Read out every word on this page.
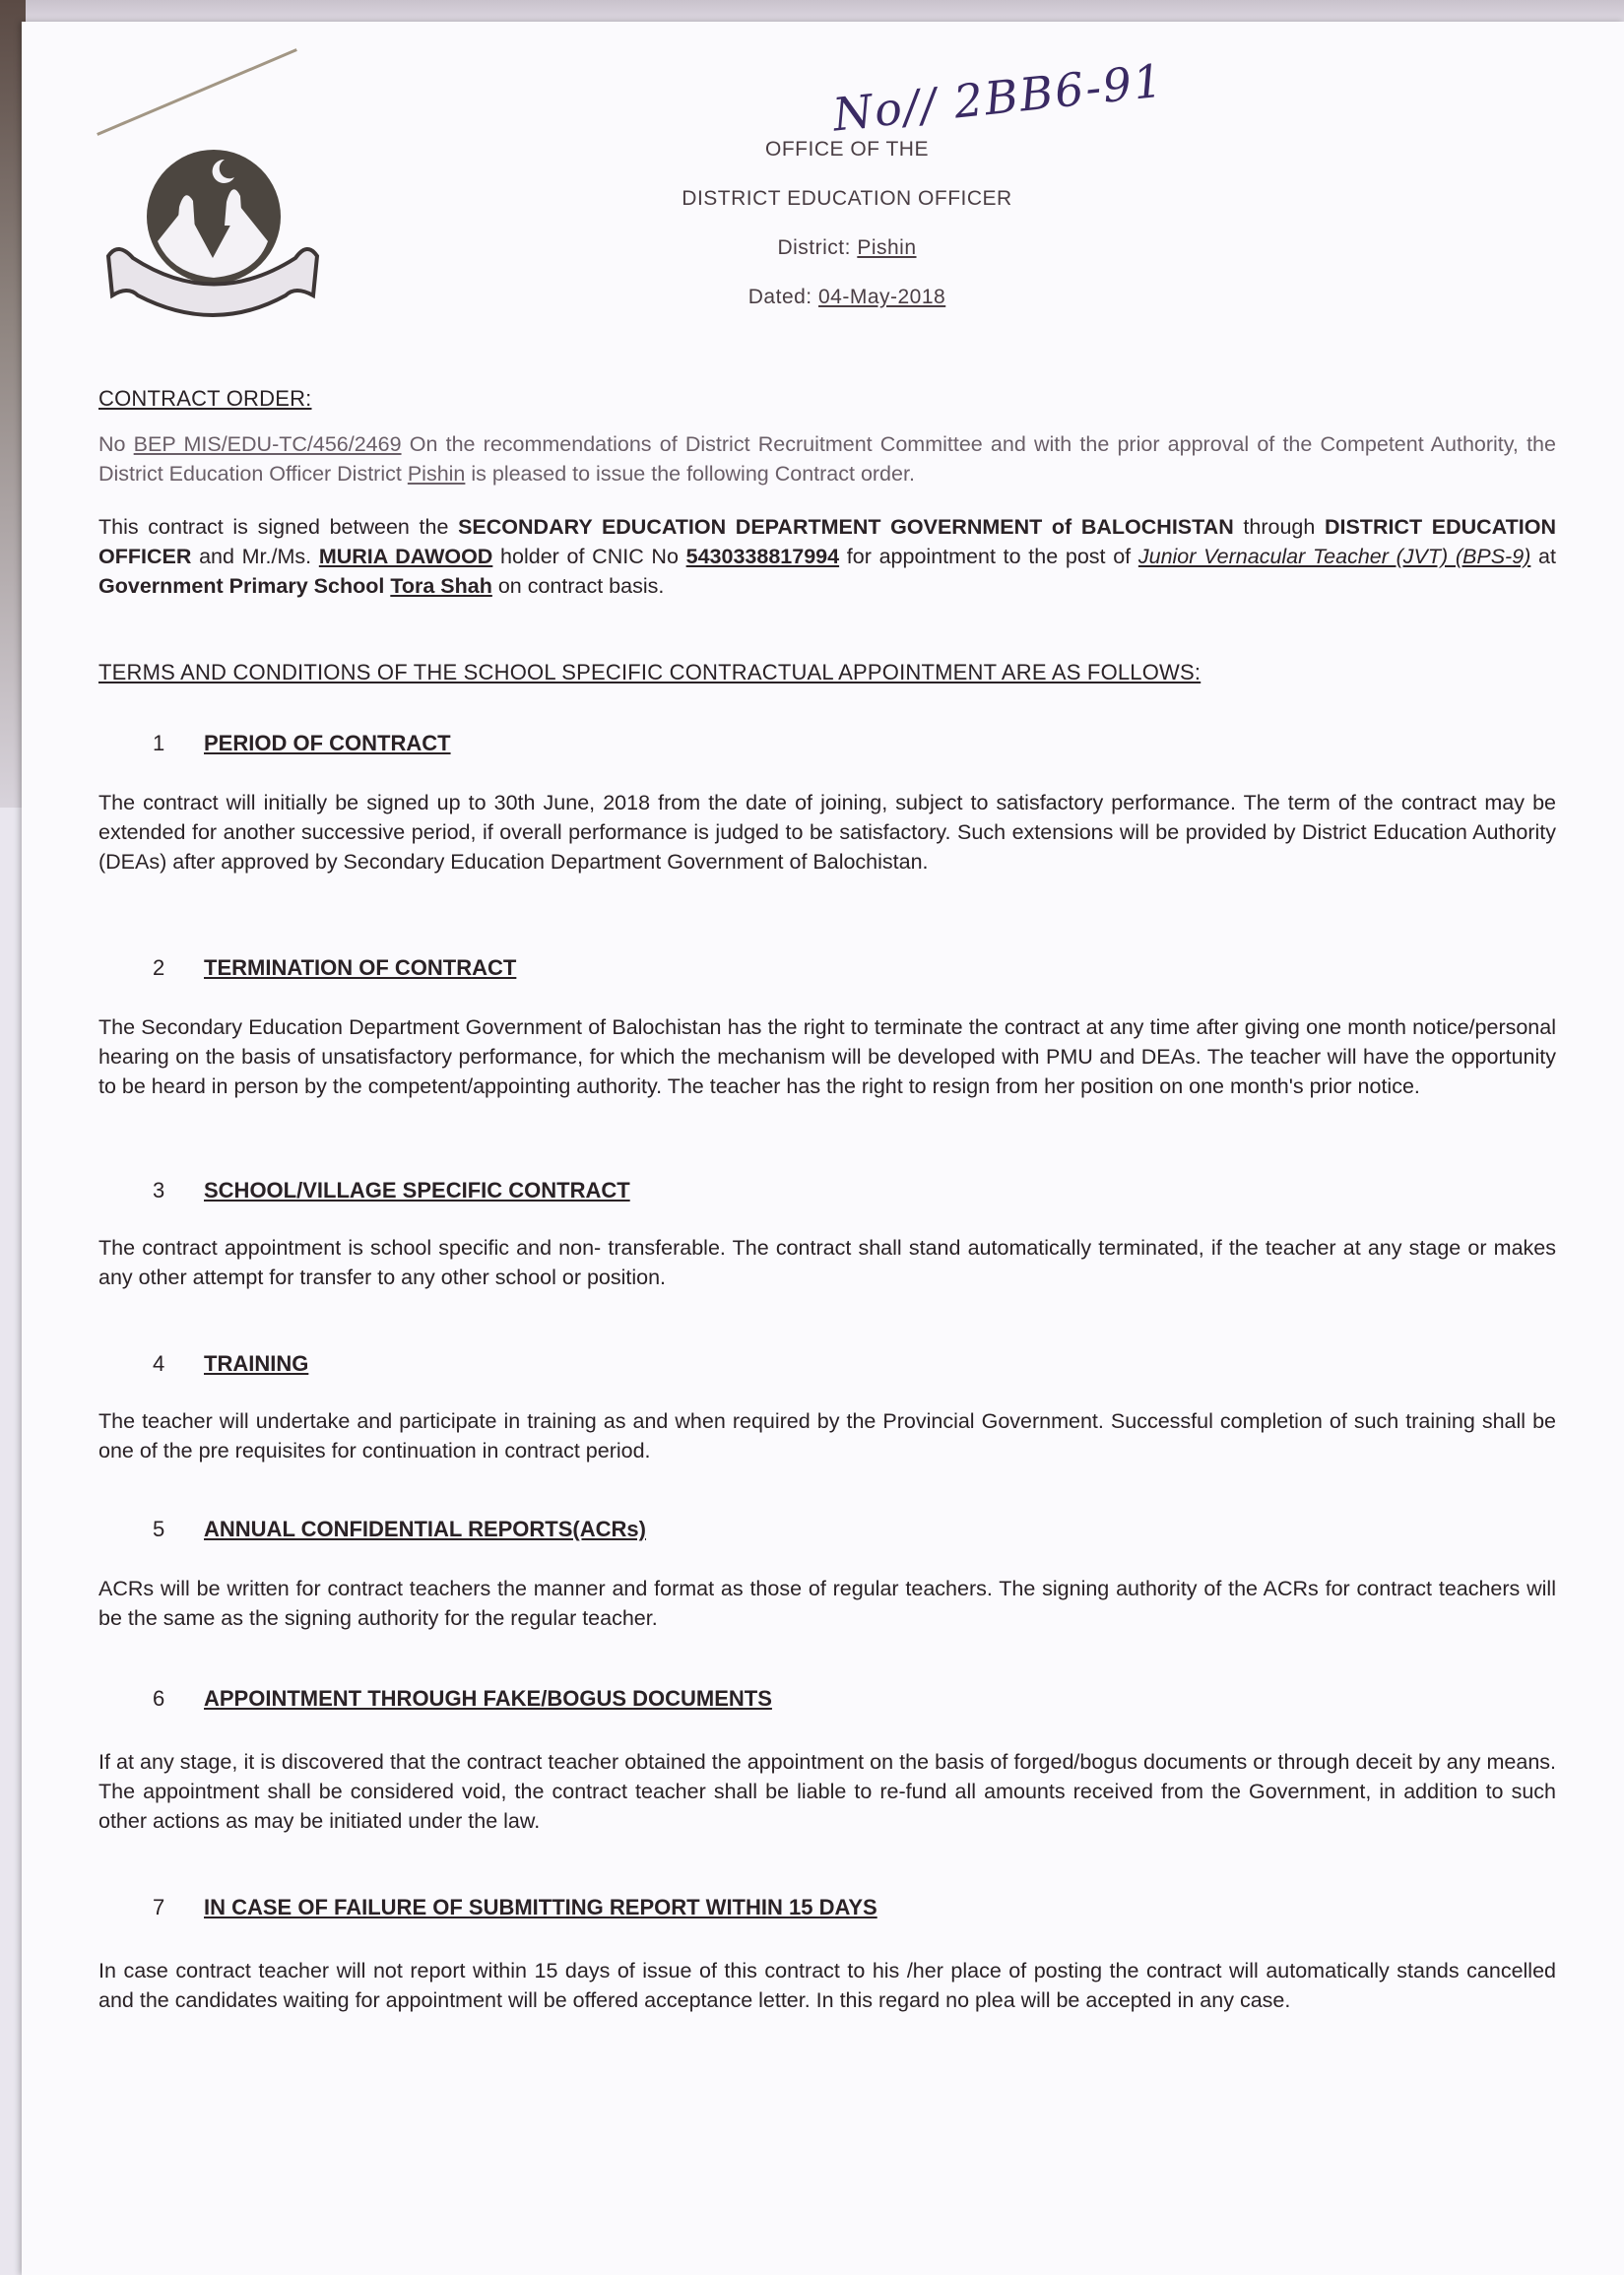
No// 2BB6-91
OFFICE OF THE
DISTRICT EDUCATION OFFICER
District: Pishin
Dated: 04-May-2018
CONTRACT ORDER:
No BEP MIS/EDU-TC/456/2469 On the recommendations of District Recruitment Committee and with the prior approval of the Competent Authority, the District Education Officer District Pishin is pleased to issue the following Contract order.
This contract is signed between the SECONDARY EDUCATION DEPARTMENT GOVERNMENT of BALOCHISTAN through DISTRICT EDUCATION OFFICER and Mr./Ms. MURIA DAWOOD holder of CNIC No 5430338817994 for appointment to the post of Junior Vernacular Teacher (JVT) (BPS-9) at Government Primary School Tora Shah on contract basis.
TERMS AND CONDITIONS OF THE SCHOOL SPECIFIC CONTRACTUAL APPOINTMENT ARE AS FOLLOWS:
1	PERIOD OF CONTRACT
The contract will initially be signed up to 30th June, 2018 from the date of joining, subject to satisfactory performance. The term of the contract may be extended for another successive period, if overall performance is judged to be satisfactory. Such extensions will be provided by District Education Authority (DEAs) after approved by Secondary Education Department Government of Balochistan.
2	TERMINATION OF CONTRACT
The Secondary Education Department Government of Balochistan has the right to terminate the contract at any time after giving one month notice/personal hearing on the basis of unsatisfactory performance, for which the mechanism will be developed with PMU and DEAs. The teacher will have the opportunity to be heard in person by the competent/appointing authority. The teacher has the right to resign from her position on one month's prior notice.
3	SCHOOL/VILLAGE SPECIFIC CONTRACT
The contract appointment is school specific and non- transferable. The contract shall stand automatically terminated, if the teacher at any stage or makes any other attempt for transfer to any other school or position.
4	TRAINING
The teacher will undertake and participate in training as and when required by the Provincial Government. Successful completion of such training shall be one of the pre requisites for continuation in contract period.
5	ANNUAL CONFIDENTIAL REPORTS(ACRs)
ACRs will be written for contract teachers the manner and format as those of regular teachers. The signing authority of the ACRs for contract teachers will be the same as the signing authority for the regular teacher.
6	APPOINTMENT THROUGH FAKE/BOGUS DOCUMENTS
If at any stage, it is discovered that the contract teacher obtained the appointment on the basis of forged/bogus documents or through deceit by any means. The appointment shall be considered void, the contract teacher shall be liable to re-fund all amounts received from the Government, in addition to such other actions as may be initiated under the law.
7	IN CASE OF FAILURE OF SUBMITTING REPORT WITHIN 15 DAYS
In case contract teacher will not report within 15 days of issue of this contract to his /her place of posting the contract will automatically stands cancelled and the candidates waiting for appointment will be offered acceptance letter. In this regard no plea will be accepted in any case.
